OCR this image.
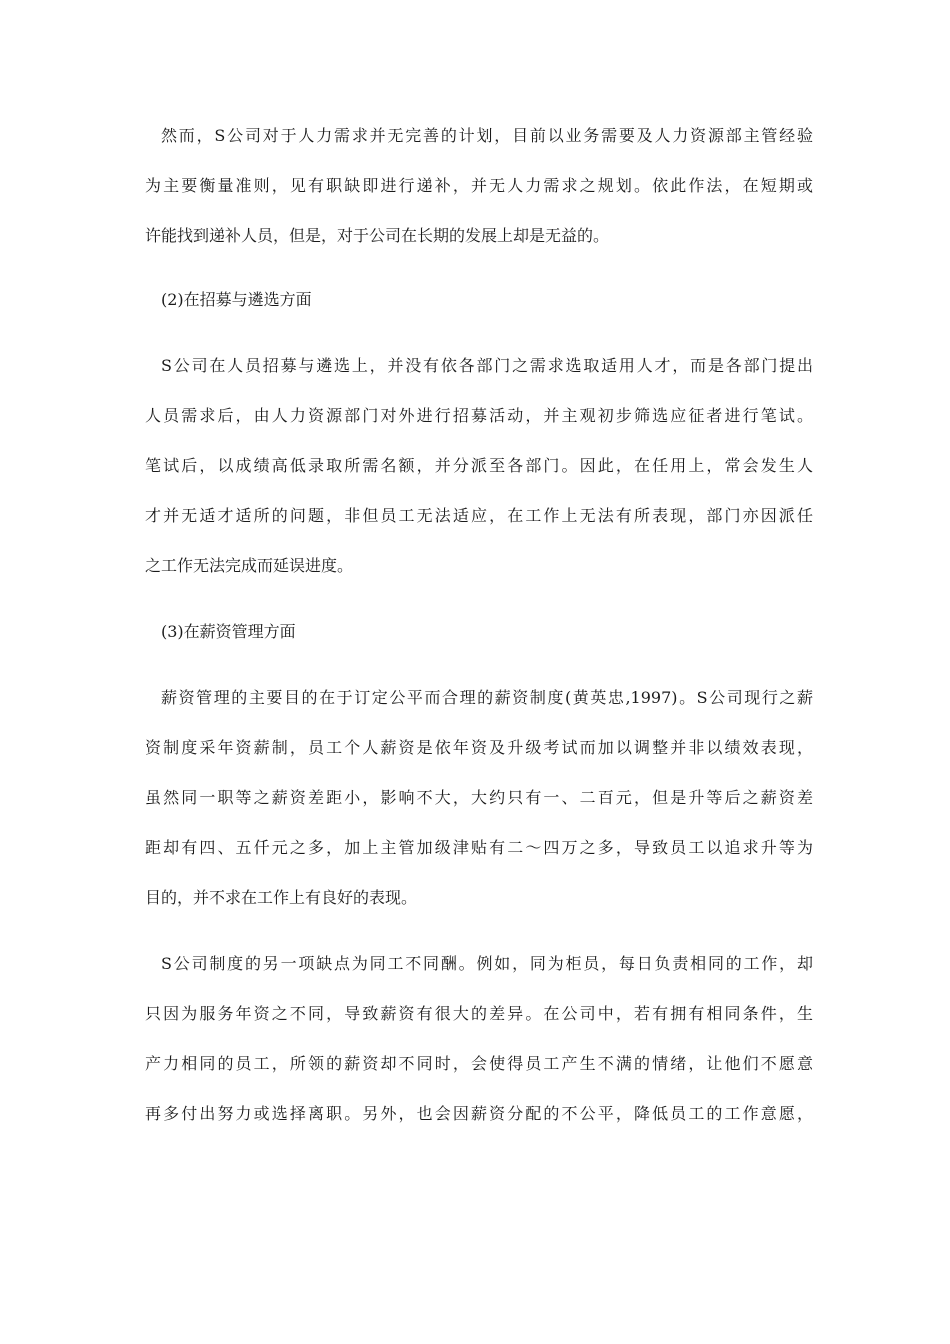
然而，S公司对于人力需求并无完善的计划，目前以业务需要及人力资源部主管经验
为主要衡量准则，见有职缺即进行递补，并无人力需求之规划。依此作法，在短期或
许能找到递补人员，但是，对于公司在长期的发展上却是无益的。
(2)在招募与遴选方面
S公司在人员招募与遴选上，并没有依各部门之需求选取适用人才，而是各部门提出
人员需求后，由人力资源部门对外进行招募活动，并主观初步筛选应征者进行笔试。
笔试后，以成绩高低录取所需名额，并分派至各部门。因此，在任用上，常会发生人
才并无适才适所的问题，非但员工无法适应，在工作上无法有所表现，部门亦因派任
之工作无法完成而延误进度。
(3)在薪资管理方面
薪资管理的主要目的在于订定公平而合理的薪资制度(黄英忠,1997)。S公司现行之薪
资制度采年资薪制，员工个人薪资是依年资及升级考试而加以调整并非以绩效表现，
虽然同一职等之薪资差距小，影响不大，大约只有一、二百元，但是升等后之薪资差
距却有四、五仟元之多，加上主管加级津贴有二～四万之多，导致员工以追求升等为
目的，并不求在工作上有良好的表现。
S公司制度的另一项缺点为同工不同酬。例如，同为柜员，每日负责相同的工作，却
只因为服务年资之不同，导致薪资有很大的差异。在公司中，若有拥有相同条件，生
产力相同的员工，所领的薪资却不同时，会使得员工产生不满的情绪，让他们不愿意
再多付出努力或选择离职。另外，也会因薪资分配的不公平，降低员工的工作意愿，
